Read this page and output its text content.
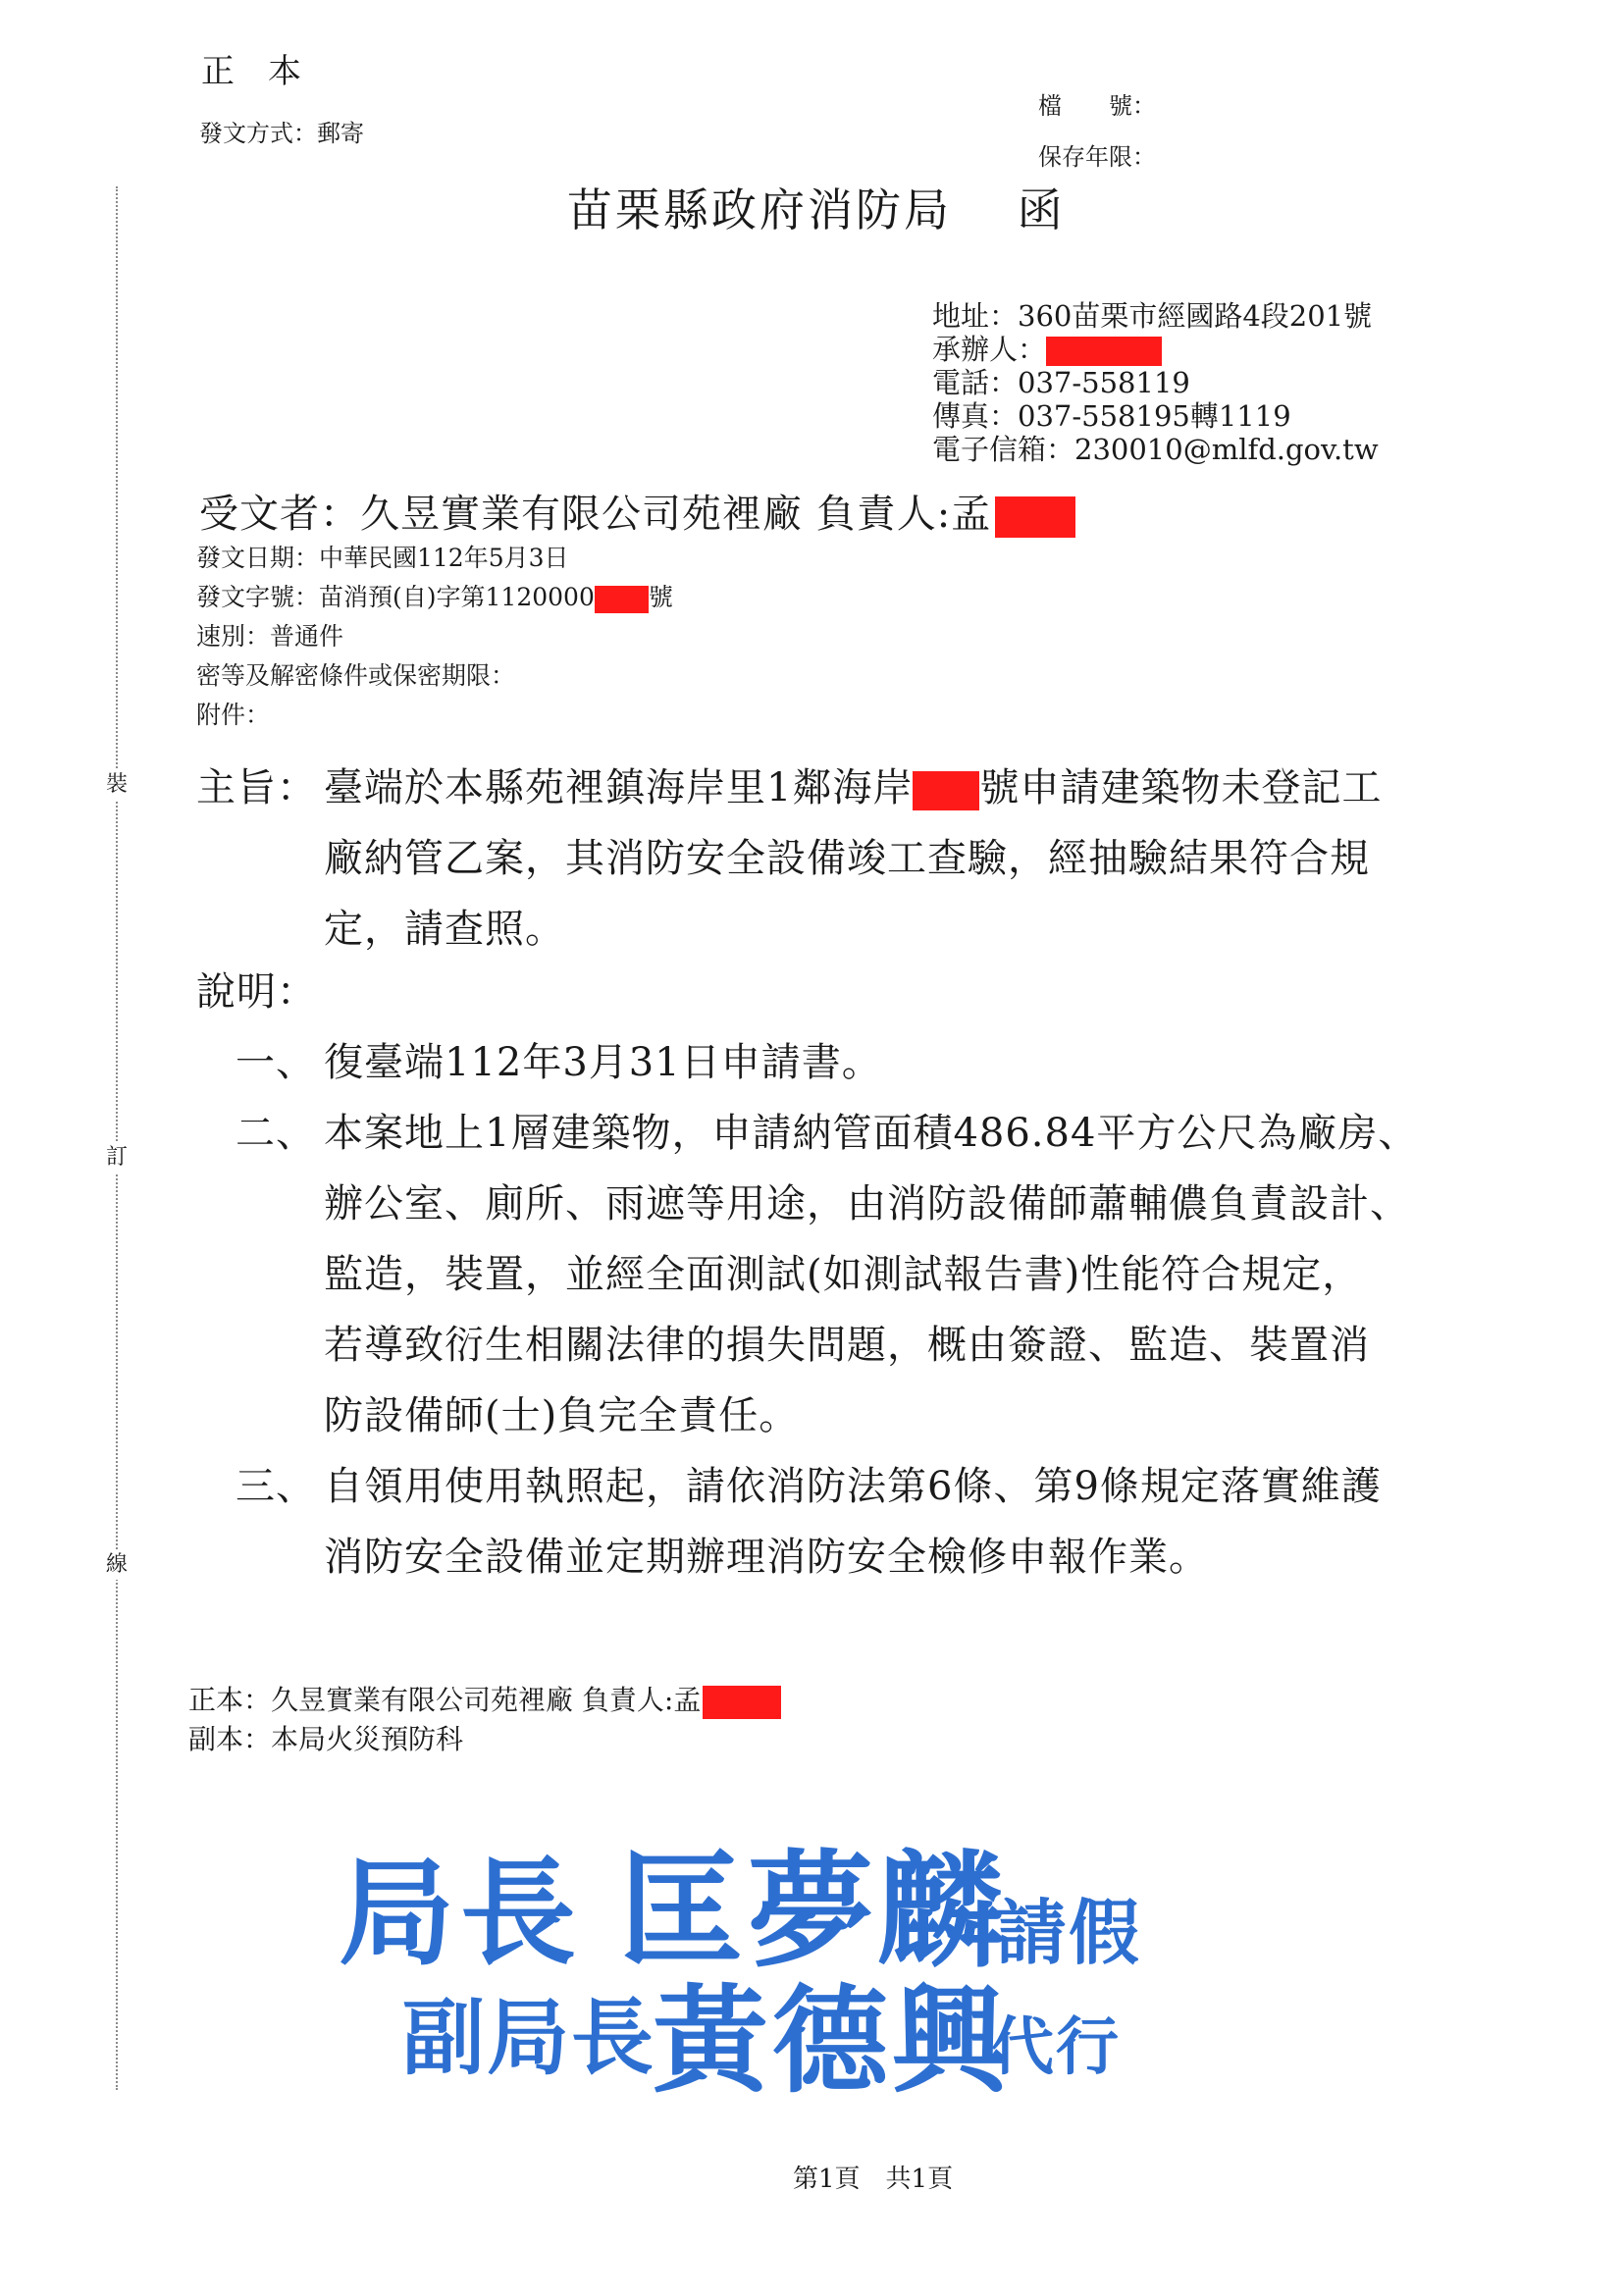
裝
訂
線
正　本
發文方式：郵寄
檔　　號：
保存年限：
苗栗縣政府消防局　 函
地址：360苗栗市經國路4段201號
承辦人：
電話：037-558119
傳真：037-558195轉1119
電子信箱：230010@mlfd.gov.tw
受文者：久昱實業有限公司苑裡廠 負責人:孟
發文日期：中華民國112年5月3日
發文字號：苗消預(自)字第1120000 號
速別：普通件
密等及解密條件或保密期限：
附件：
主旨： 臺端於本縣苑裡鎮海岸里1鄰海岸 號申請建築物未登記工
廠納管乙案，其消防安全設備竣工查驗，經抽驗結果符合規
定，請查照。
說明：
一、 復臺端112年3月31日申請書。
二、 本案地上1層建築物，申請納管面積486.84平方公尺為廠房、
辦公室、廁所、雨遮等用途，由消防設備師蕭輔儂負責設計、
監造，裝置，並經全面測試(如測試報告書)性能符合規定，
若導致衍生相關法律的損失問題，概由簽證、監造、裝置消
防設備師(士)負完全責任。
三、 自領用使用執照起，請依消防法第6條、第9條規定落實維護
消防安全設備並定期辦理消防安全檢修申報作業。
正本：久昱實業有限公司苑裡廠 負責人:孟
副本：本局火災預防科
局長 匡夢麟
請假
副局長
黃德興
代行
第1頁　共1頁
